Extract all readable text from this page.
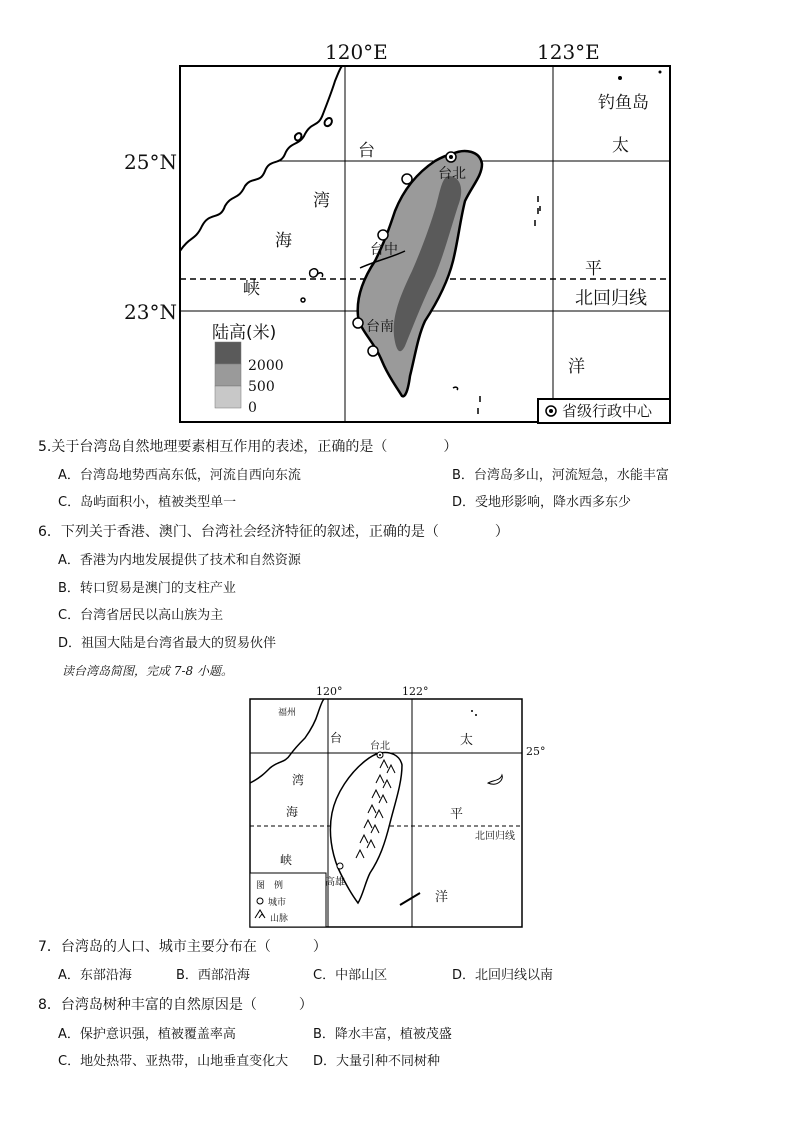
120°E	123°E
25°N
23°N
钓鱼岛
台
湾
海
峡
太
平
洋
北回归线
台北
台中
台南
陆高(米)
2000
500
0	省级行政中心
5.关于台湾岛自然地理要素相互作用的表述，正确的是（　　　　）
A．台湾岛地势西高东低，河流自西向东流	B．台湾岛多山，河流短急，水能丰富
C．岛屿面积小，植被类型单一	D．受地形影响，降水西多东少
6．下列关于香港、澳门、台湾社会经济特征的叙述，正确的是（　　　　）
A．香港为内地发展提供了技术和自然资源
B．转口贸易是澳门的支柱产业
C．台湾省居民以高山族为主
D．祖国大陆是台湾省最大的贸易伙伴
读台湾岛简图，完成 7-8 小题。
120°	122°
25°
福州
台
湾
海
峡
台北	太
平
洋
北回归线
高雄
图　例
城市
山脉
7．台湾岛的人口、城市主要分布在（　　　）
A．东部沿海	B．西部沿海	C．中部山区	D．北回归线以南
8．台湾岛树种丰富的自然原因是（　　　）
A．保护意识强，植被覆盖率高	B．降水丰富，植被茂盛
C．地处热带、亚热带，山地垂直变化大 D．大量引种不同树种
